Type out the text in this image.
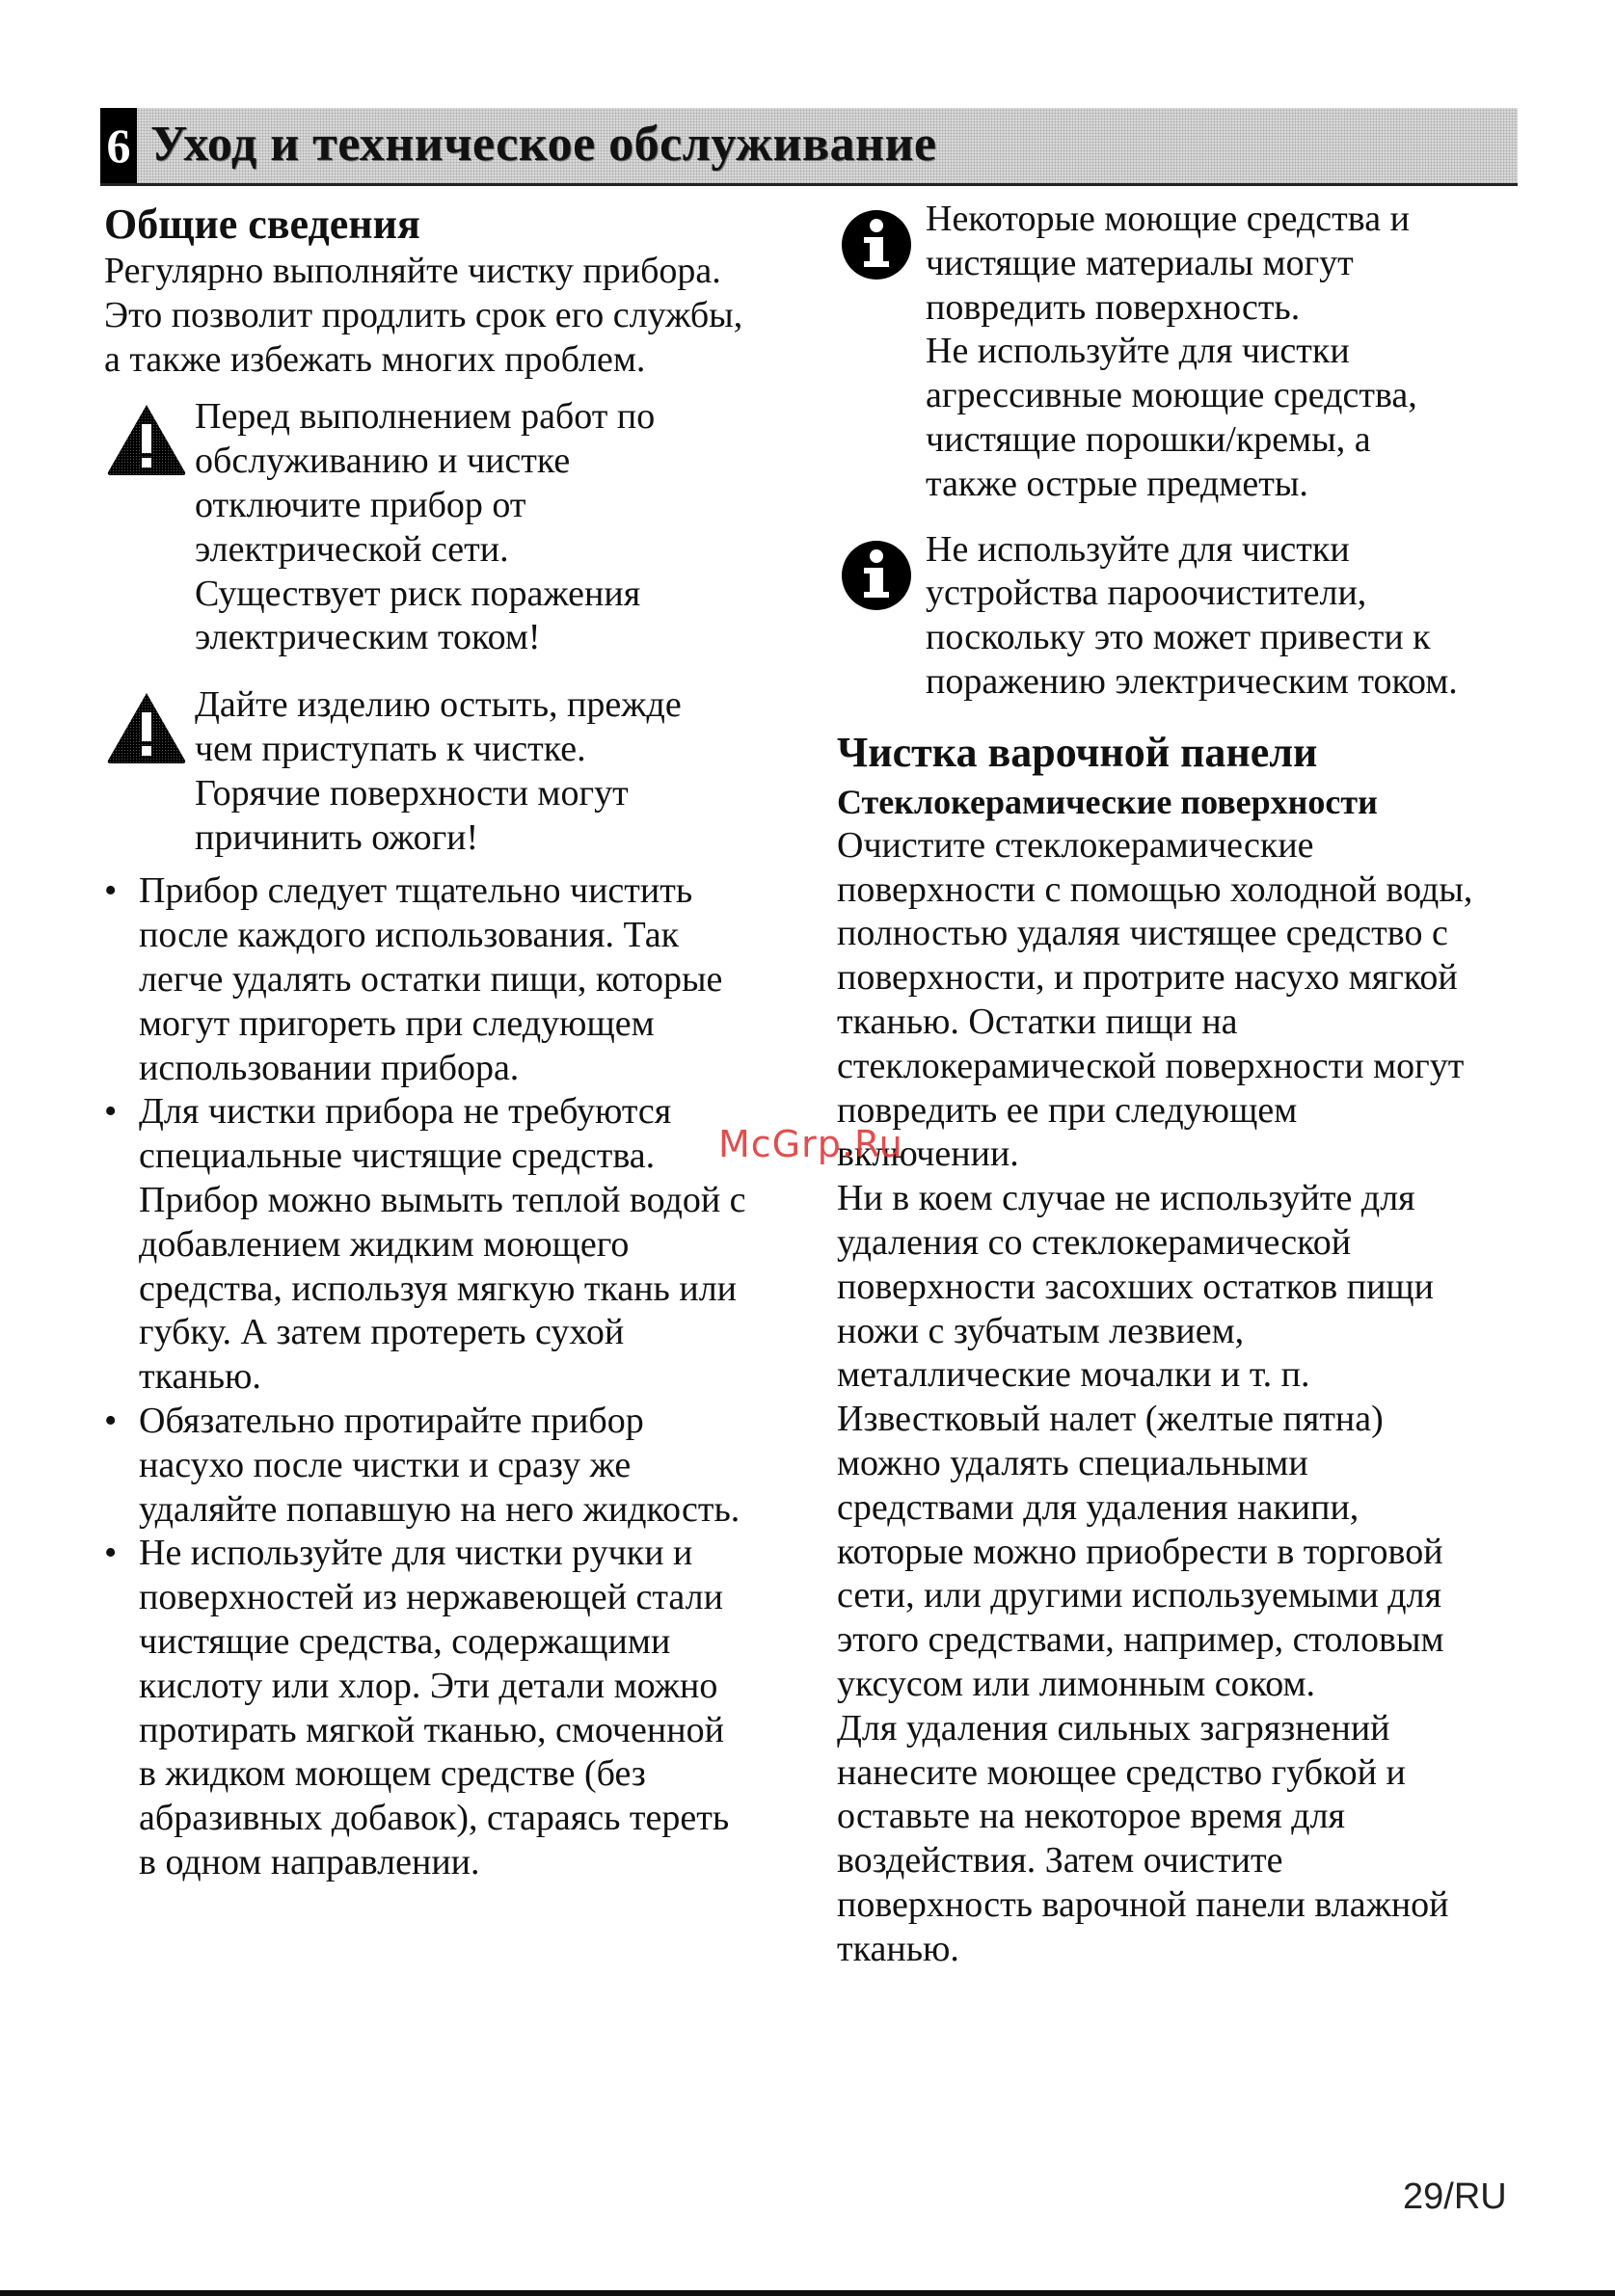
6 Уход и техническое обслуживание
Общие сведения

Регулярно выполняйте чистку прибора.
Это позволит продлить срок его службы,
а также избежать многих проблем.

Перед выполнением работ по
обслуживанию и чистке
отключите прибор от
электрической сети.
Существует риск поражения
электрическим током!
Дайте изделию остыть, прежде
чем приступать к чистке.
Горячие поверхности могут
причинить ожоги!
• Прибор следует тщательно чистить
после каждого использования. Так
легче удалять остатки пищи, которые
могут пригореть при следующем
использовании прибора.
• Для чистки прибора не требуются
специальные чистящие средства.
Прибор можно вымыть теплой водой с
добавлением жидким моющего
средства, используя мягкую ткань или
губку. А затем протереть сухой
тканью.
• Обязательно протирайте прибор
насухо после чистки и сразу же
удаляйте попавшую на него жидкость.
• Не используйте для чистки ручки и
поверхностей из нержавеющей стали
чистящие средства, содержащими
кислоту или хлор. Эти детали можно
протирать мягкой тканью, смоченной
в жидком моющем средстве (без
абразивных добавок), стараясь тереть
в одном направлении.
Некоторые моющие средства и
чистящие материалы могут
повредить поверхность.
Не используйте для чистки
агрессивные моющие средства,
чистящие порошки/кремы, а
также острые предметы.
Не используйте для чистки
устройства пароочистители,
поскольку это может привести к
поражению электрическим током.
Чистка варочной панели
Стеклокерамические поверхности

Очистите стеклокерамические
поверхности с помощью холодной воды,
полностью удаляя чистящее средство с
поверхности, и протрите насухо мягкой
тканью. Остатки пищи на
стеклокерамической поверхности могут
повредить ее при следующем
включении.
Ни в коем случае не используйте для
удаления со стеклокерамической
поверхности засохших остатков пищи
ножи с зубчатым лезвием,
металлические мочалки и т. п.
Известковый налет (желтые пятна)
можно удалять специальными
средствами для удаления накипи,
которые можно приобрести в торговой
сети, или другими используемыми для
этого средствами, например, столовым
уксусом или лимонным соком.
Для удаления сильных загрязнений
нанесите моющее средство губкой и
оставьте на некоторое время для
воздействия. Затем очистите
поверхность варочной панели влажной
тканью.

McGrp.Ru
29/RU
